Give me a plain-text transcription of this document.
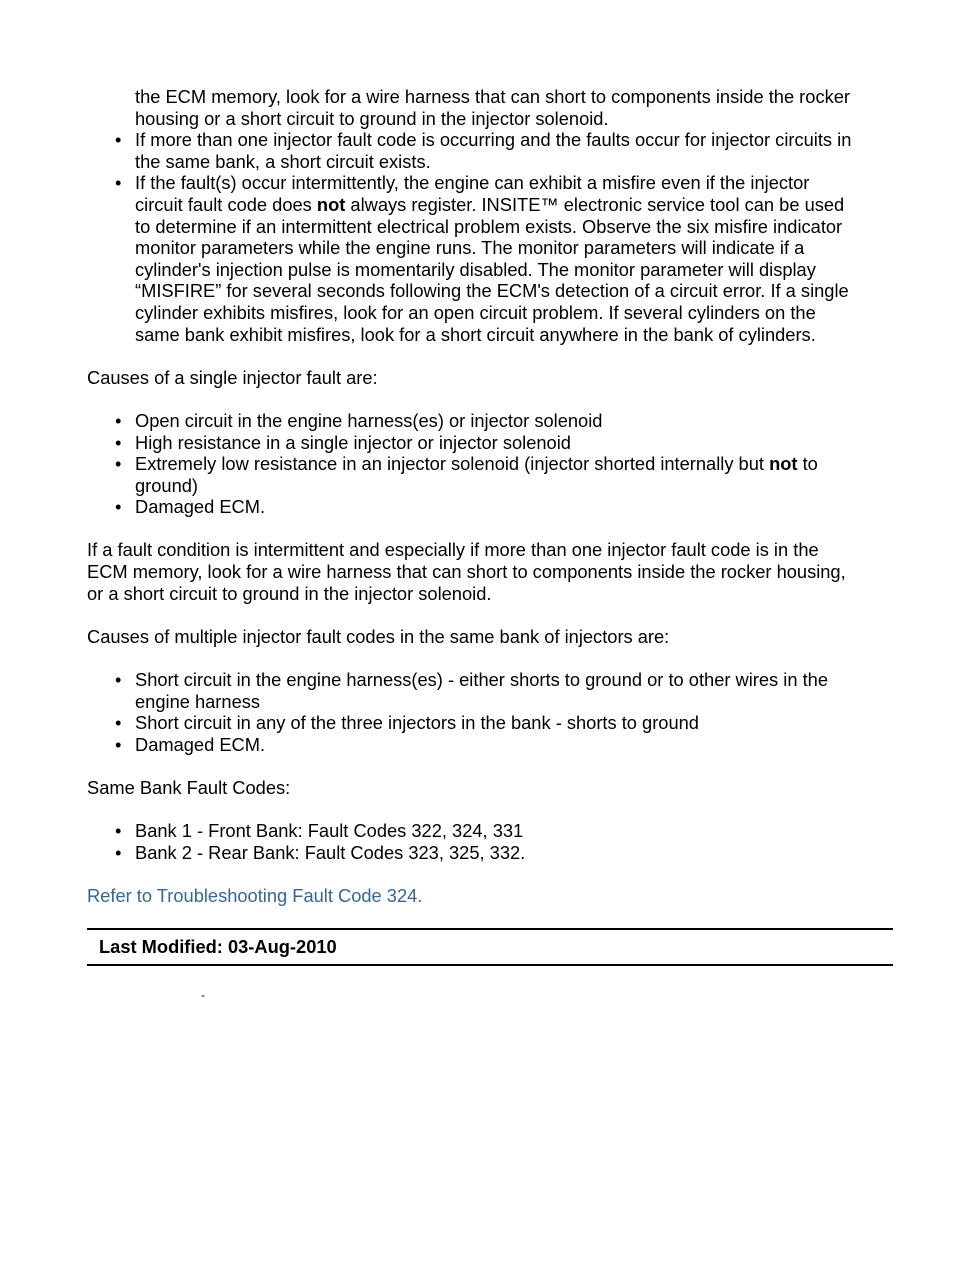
the ECM memory, look for a wire harness that can short to components inside the rocker
housing or a short circuit to ground in the injector solenoid.
• If more than one injector fault code is occurring and the faults occur for injector circuits in
the same bank, a short circuit exists.
• If the fault(s) occur intermittently, the engine can exhibit a misfire even if the injector
circuit fault code does not always register. INSITE™ electronic service tool can be used
to determine if an intermittent electrical problem exists. Observe the six misfire indicator
monitor parameters while the engine runs. The monitor parameters will indicate if a
cylinder's injection pulse is momentarily disabled. The monitor parameter will display
“MISFIRE” for several seconds following the ECM's detection of a circuit error. If a single
cylinder exhibits misfires, look for an open circuit problem. If several cylinders on the
same bank exhibit misfires, look for a short circuit anywhere in the bank of cylinders.

Causes of a single injector fault are:

• Open circuit in the engine harness(es) or injector solenoid
• High resistance in a single injector or injector solenoid
• Extremely low resistance in an injector solenoid (injector shorted internally but not to
ground)
• Damaged ECM.

If a fault condition is intermittent and especially if more than one injector fault code is in the
ECM memory, look for a wire harness that can short to components inside the rocker housing,
or a short circuit to ground in the injector solenoid.

Causes of multiple injector fault codes in the same bank of injectors are:

• Short circuit in the engine harness(es) - either shorts to ground or to other wires in the
engine harness
• Short circuit in any of the three injectors in the bank - shorts to ground
• Damaged ECM.

Same Bank Fault Codes:

• Bank 1 - Front Bank: Fault Codes 322, 324, 331
• Bank 2 - Rear Bank: Fault Codes 323, 325, 332.

Refer to Troubleshooting Fault Code 324.

Last Modified: 03-Aug-2010
-
